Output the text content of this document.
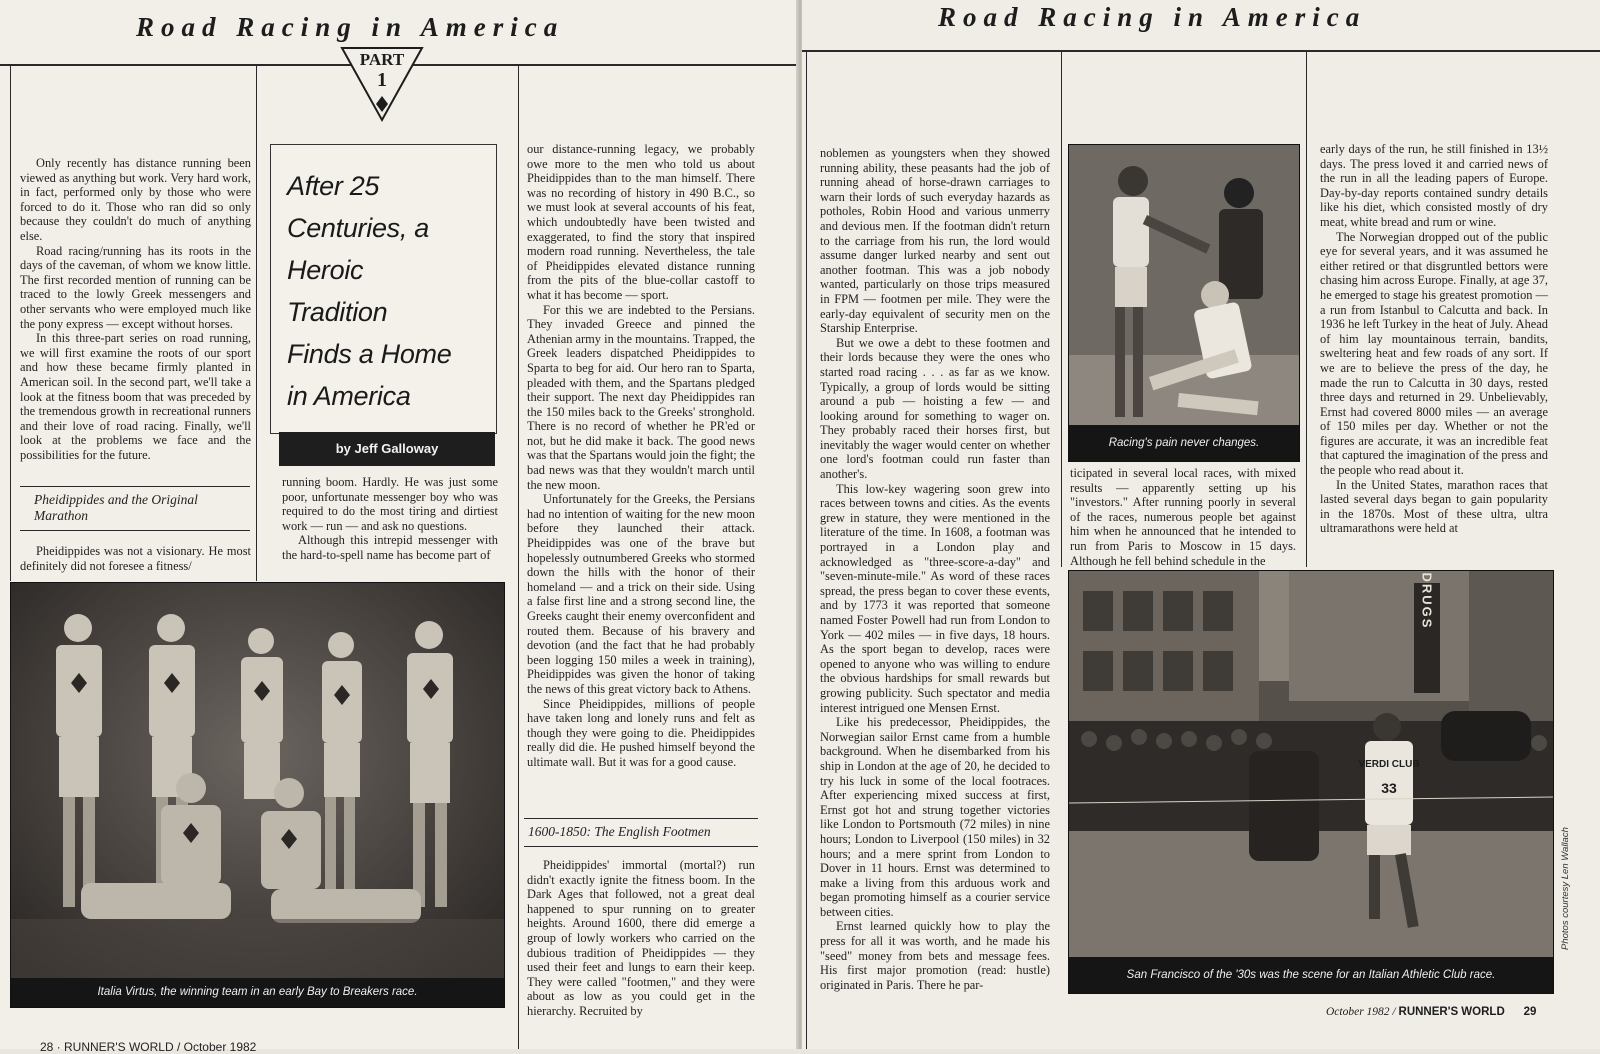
Road Racing in America
PART
1

Only recently has distance running been viewed as anything but work. Very hard work, in fact, performed only by those who were forced to do it. Those who ran did so only because they couldn't do much of anything else.

Road racing/running has its roots in the days of the caveman, of whom we know little. The first recorded mention of running can be traced to the lowly Greek messengers and other servants who were employed much like the pony express — except without horses.

In this three-part series on road running, we will first examine the roots of our sport and how these became firmly planted in American soil. In the second part, we'll take a look at the fitness boom that was preceded by the tremendous growth in recreational runners and their love of road racing. Finally, we'll look at the problems we face and the possibilities for the future.

Pheidippides and the Original Marathon

Pheidippides was not a visionary. He most definitely did not foresee a fitness/

After 25
Centuries, a
Heroic
Tradition
Finds a Home
in America
by Jeff Galloway

running boom. Hardly. He was just some poor, unfortunate messenger boy who was required to do the most tiring and dirtiest work — run — and ask no questions.

Although this intrepid messenger with the hard-to-spell name has become part of

Italia Virtus, the winning team in an early Bay to Breakers race.

our distance-running legacy, we probably owe more to the men who told us about Pheidippides than to the man himself. There was no recording of history in 490 B.C., so we must look at several accounts of his feat, which undoubtedly have been twisted and exaggerated, to find the story that inspired modern road running. Nevertheless, the tale of Pheidippides elevated distance running from the pits of the blue-collar castoff to what it has become — sport.

For this we are indebted to the Persians. They invaded Greece and pinned the Athenian army in the mountains. Trapped, the Greek leaders dispatched Pheidippides to Sparta to beg for aid. Our hero ran to Sparta, pleaded with them, and the Spartans pledged their support. The next day Pheidippides ran the 150 miles back to the Greeks' stronghold. There is no record of whether he PR'ed or not, but he did make it back. The good news was that the Spartans would join the fight; the bad news was that they wouldn't march until the new moon.

Unfortunately for the Greeks, the Persians had no intention of waiting for the new moon before they launched their attack. Pheidippides was one of the brave but hopelessly outnumbered Greeks who stormed down the hills with the honor of their homeland — and a trick on their side. Using a false first line and a strong second line, the Greeks caught their enemy overconfident and routed them. Because of his bravery and devotion (and the fact that he had probably been logging 150 miles a week in training), Pheidippides was given the honor of taking the news of this great victory back to Athens.

Since Pheidippides, millions of people have taken long and lonely runs and felt as though they were going to die. Pheidippides really did die. He pushed himself beyond the ultimate wall. But it was for a good cause.

1600-1850: The English Footmen

Pheidippides' immortal (mortal?) run didn't exactly ignite the fitness boom. In the Dark Ages that followed, not a great deal happened to spur running on to greater heights. Around 1600, there did emerge a group of lowly workers who carried on the dubious tradition of Pheidippides — they used their feet and lungs to earn their keep. They were called "footmen," and they were about as low as you could get in the hierarchy. Recruited by

Road Racing in America

noblemen as youngsters when they showed running ability, these peasants had the job of running ahead of horse-drawn carriages to warn their lords of such everyday hazards as potholes, Robin Hood and various unmerry and devious men. If the footman didn't return to the carriage from his run, the lord would assume danger lurked nearby and sent out another footman. This was a job nobody wanted, particularly on those trips measured in FPM — footmen per mile. They were the early-day equivalent of security men on the Starship Enterprise.

But we owe a debt to these footmen and their lords because they were the ones who started road racing . . . as far as we know. Typically, a group of lords would be sitting around a pub — hoisting a few — and looking around for something to wager on. They probably raced their horses first, but inevitably the wager would center on whether one lord's footman could run faster than another's.

This low-key wagering soon grew into races between towns and cities. As the events grew in stature, they were mentioned in the literature of the time. In 1608, a footman was portrayed in a London play and acknowledged as "three-score-a-day" and "seven-minute-mile." As word of these races spread, the press began to cover these events, and by 1773 it was reported that someone named Foster Powell had run from London to York — 402 miles — in five days, 18 hours. As the sport began to develop, races were opened to anyone who was willing to endure the obvious hardships for small rewards but growing publicity. Such spectator and media interest intrigued one Mensen Ernst.

Like his predecessor, Pheidippides, the Norwegian sailor Ernst came from a humble background. When he disembarked from his ship in London at the age of 20, he decided to try his luck in some of the local footraces. After experiencing mixed success at first, Ernst got hot and strung together victories like London to Portsmouth (72 miles) in nine hours; London to Liverpool (150 miles) in 32 hours; and a mere sprint from London to Dover in 11 hours. Ernst was determined to make a living from this arduous work and began promoting himself as a courier service between cities.

Ernst learned quickly how to play the press for all it was worth, and he made his "seed" money from bets and message fees. His first major promotion (read: hustle) originated in Paris. There he par-

Racing's pain never changes.

ticipated in several local races, with mixed results — apparently setting up his "investors." After running poorly in several of the races, numerous people bet against him when he announced that he intended to run from Paris to Moscow in 15 days. Although he fell behind schedule in the

early days of the run, he still finished in 13½ days. The press loved it and carried news of the run in all the leading papers of Europe. Day-by-day reports contained sundry details like his diet, which consisted mostly of dry meat, white bread and rum or wine.

The Norwegian dropped out of the public eye for several years, and it was assumed he either retired or that disgruntled bettors were chasing him across Europe. Finally, at age 37, he emerged to stage his greatest promotion — a run from Istanbul to Calcutta and back. In 1936 he left Turkey in the heat of July. Ahead of him lay mountainous terrain, bandits, sweltering heat and few roads of any sort. If we are to believe the press of the day, he made the run to Calcutta in 30 days, rested three days and returned in 29. Unbelievably, Ernst had covered 8000 miles — an average of 150 miles per day. Whether or not the figures are accurate, it was an incredible feat that captured the imagination of the press and the people who read about it.

In the United States, marathon races that lasted several days began to gain popularity in the 1870s. Most of these ultra, ultra ultramarathons were held at

DRUGS
VERDI CLUB
33
San Francisco of the '30s was the scene for an Italian Athletic Club race.
Photos courtesy Len Wallach
October 1982 / RUNNER'S WORLD 29
28 · RUNNER'S WORLD / October 1982
